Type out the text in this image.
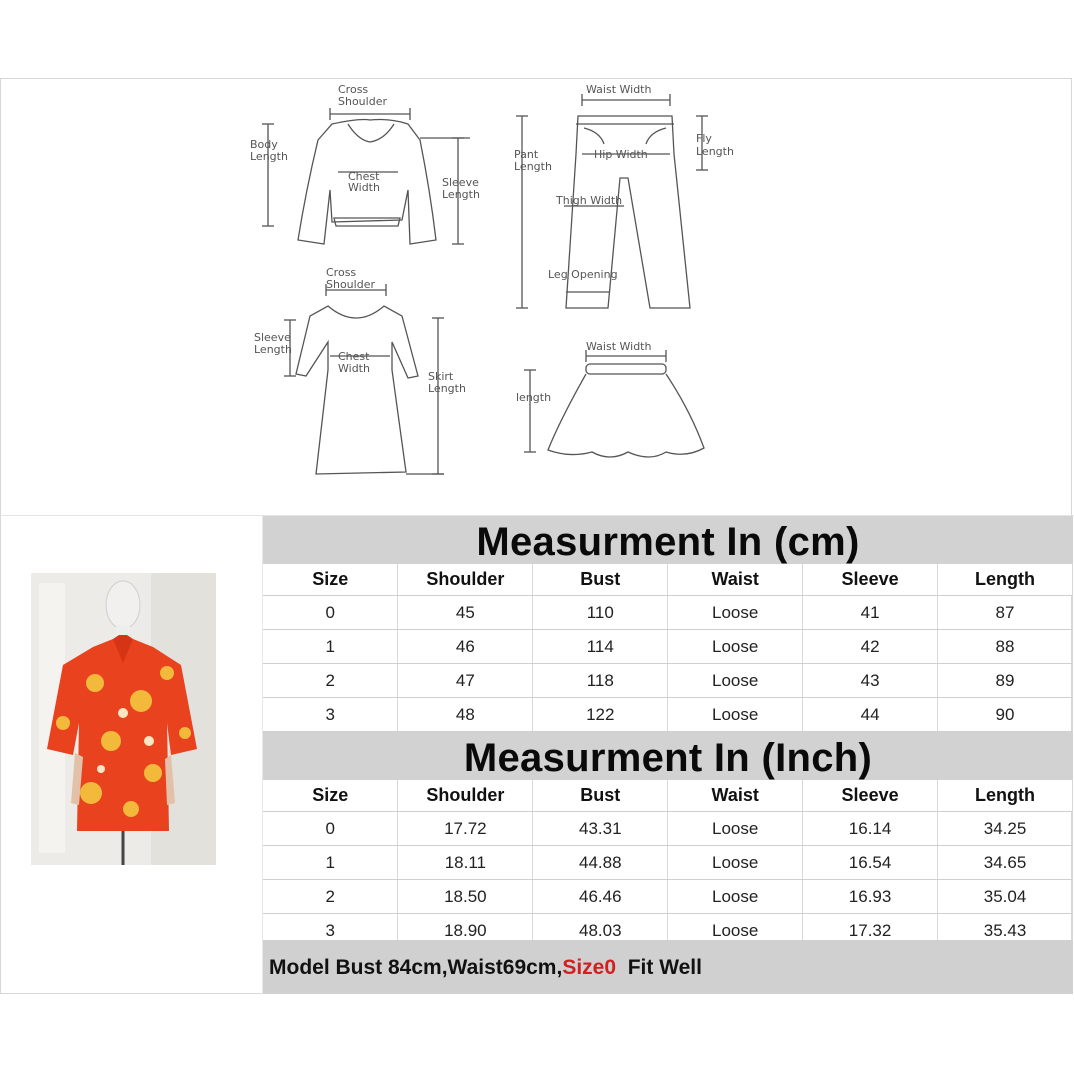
Cross
Shoulder
Body
Length
Chest
Width	Sleeve
Length
Waist Width
Pant
Length
Hip Width
Fly
Length
Thigh Width
Leg Opening
Cross
Shoulder
Sleeve
Length
Chest
Width
Skirt
Length
Waist Width
length
Measurment In (cm)
Size	Shoulder	Bust	Waist	Sleeve	Length
0	45	110	Loose	41	87
1	46	114	Loose	42	88
2	47	118	Loose	43	89
3	48	122	Loose	44	90
Measurment In (Inch)
Size	Shoulder	Bust	Waist	Sleeve	Length
0	17.72	43.31	Loose	16.14	34.25
1	18.11	44.88	Loose	16.54	34.65
2	18.50	46.46	Loose	16.93	35.04
3	18.90	48.03	Loose	17.32	35.43
Model Bust 84cm,Waist69cm,Size0  Fit Well
